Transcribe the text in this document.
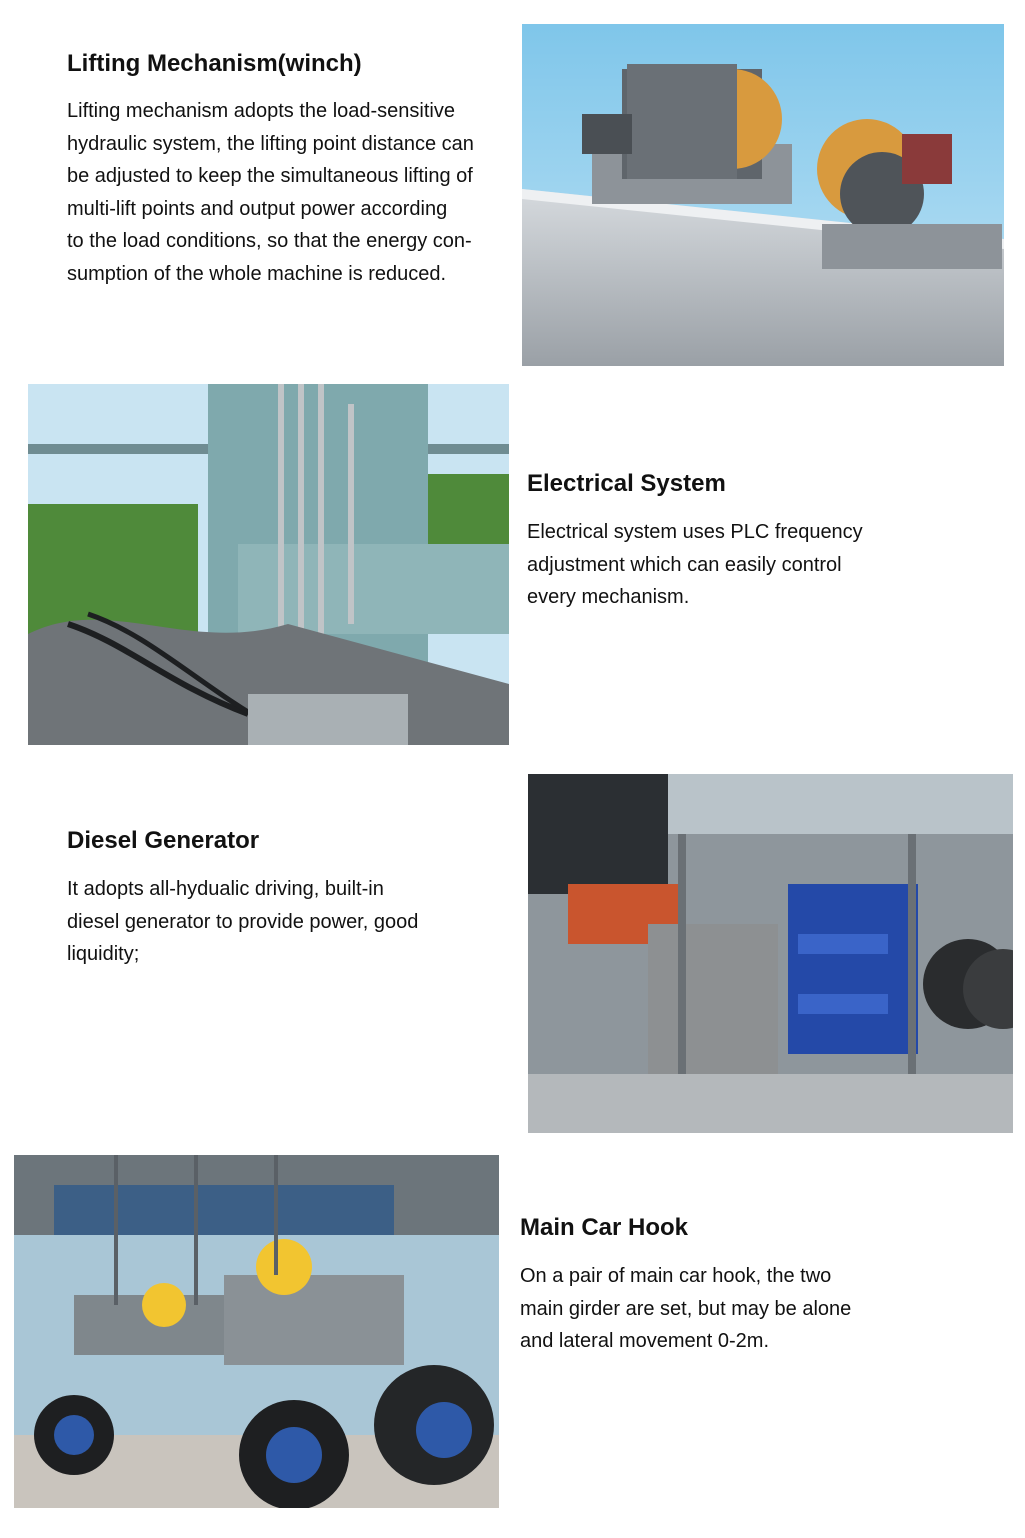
Lifting Mechanism(winch)
Lifting mechanism adopts the load-sensitive
hydraulic system, the lifting point distance can
be adjusted to keep the simultaneous lifting of
multi-lift points and output power according
to the load conditions, so that the energy con-
sumption of the whole machine is reduced.
Electrical System
Electrical system uses PLC frequency
adjustment which can easily control
every mechanism.
Diesel Generator
It adopts all-hydualic driving, built-in
diesel generator to provide power, good
liquidity;
Main Car Hook
On a pair of main car hook, the two
main girder are set, but may be alone
and lateral movement 0-2m.
